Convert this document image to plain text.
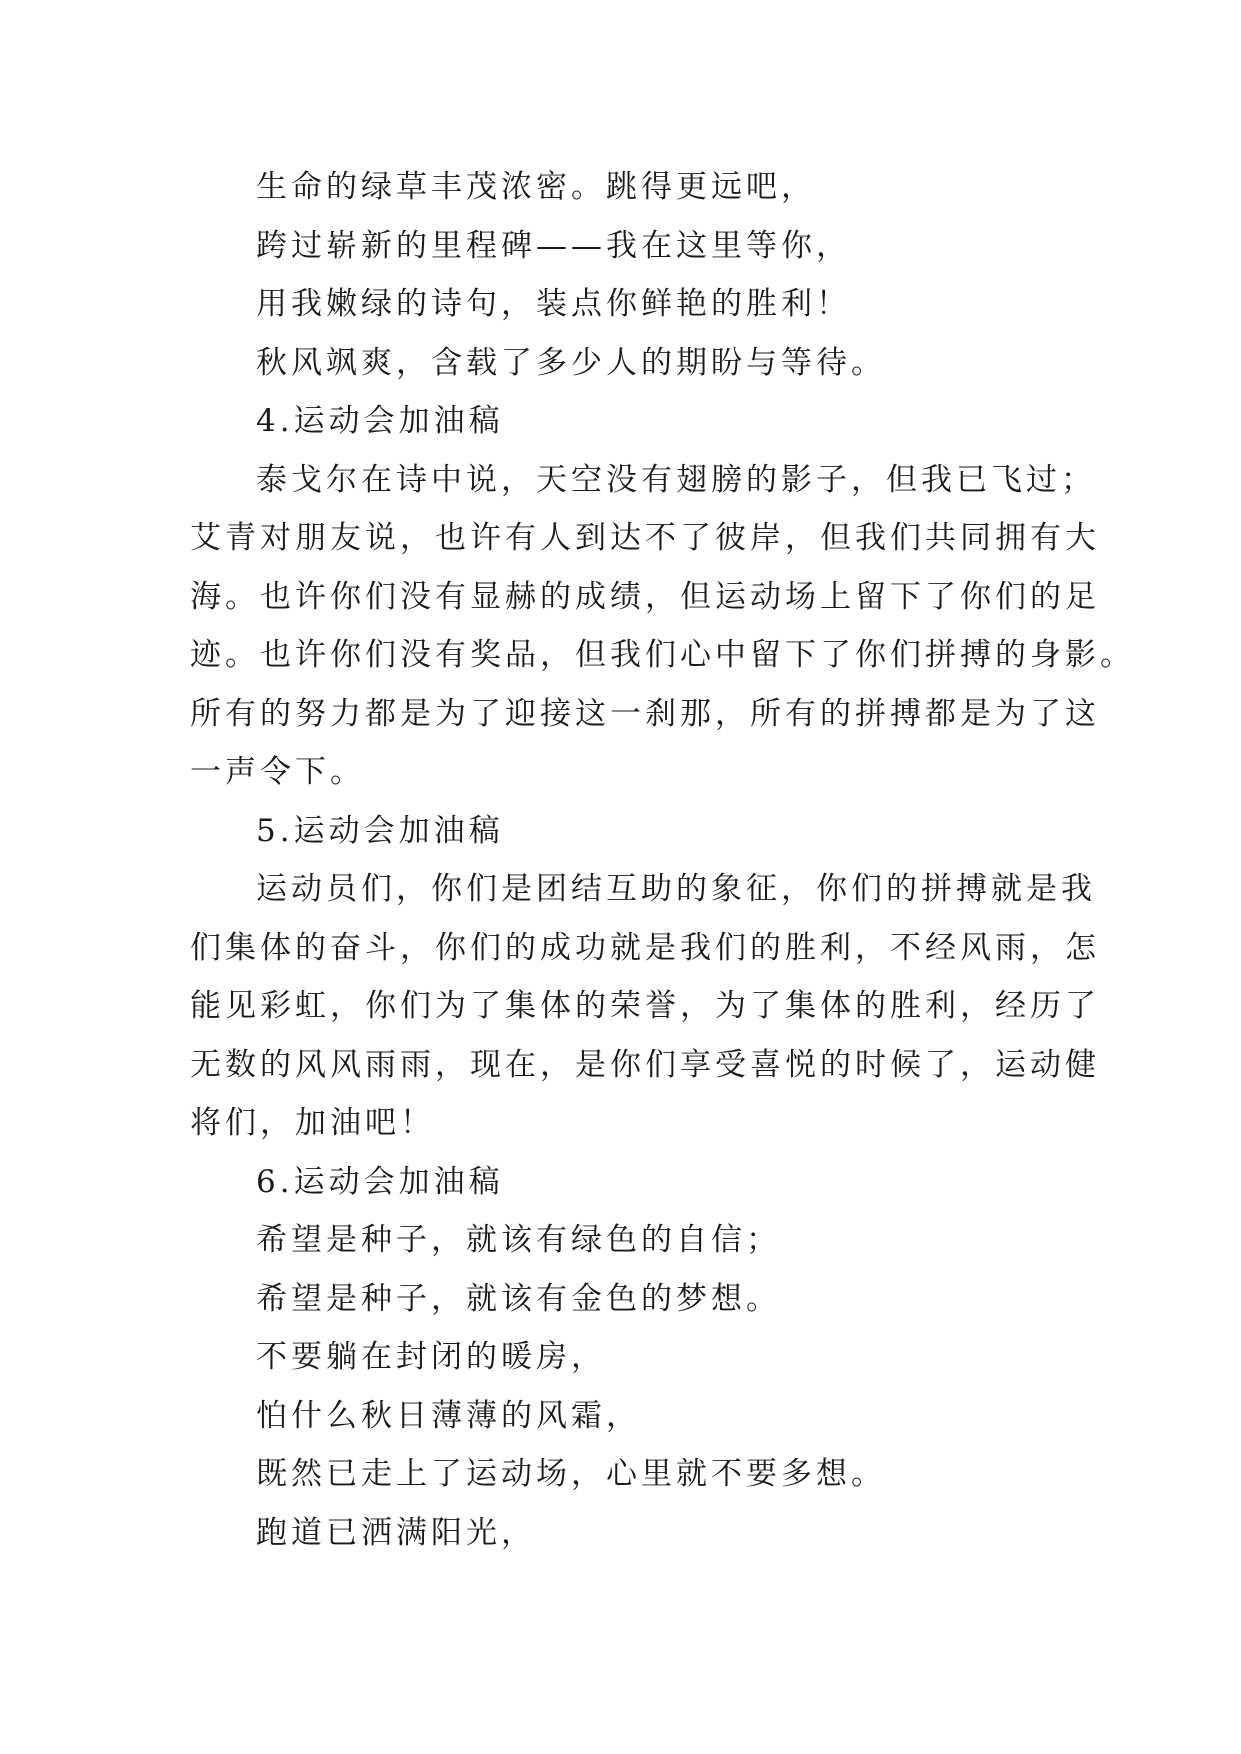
生命的绿草丰茂浓密。跳得更远吧，
跨过崭新的里程碑——我在这里等你，
用我嫩绿的诗句，装点你鲜艳的胜利！
秋风飒爽，含载了多少人的期盼与等待。
4.运动会加油稿
泰戈尔在诗中说，天空没有翅膀的影子，但我已飞过；
艾青对朋友说，也许有人到达不了彼岸，但我们共同拥有大
海。也许你们没有显赫的成绩，但运动场上留下了你们的足
迹。也许你们没有奖品，但我们心中留下了你们拼搏的身影。
所有的努力都是为了迎接这一刹那，所有的拼搏都是为了这
一声令下。
5.运动会加油稿
运动员们，你们是团结互助的象征，你们的拼搏就是我
们集体的奋斗，你们的成功就是我们的胜利，不经风雨，怎
能见彩虹，你们为了集体的荣誉，为了集体的胜利，经历了
无数的风风雨雨，现在，是你们享受喜悦的时候了，运动健
将们，加油吧！
6.运动会加油稿
希望是种子，就该有绿色的自信；
希望是种子，就该有金色的梦想。
不要躺在封闭的暖房，
怕什么秋日薄薄的风霜，
既然已走上了运动场，心里就不要多想。
跑道已洒满阳光，
